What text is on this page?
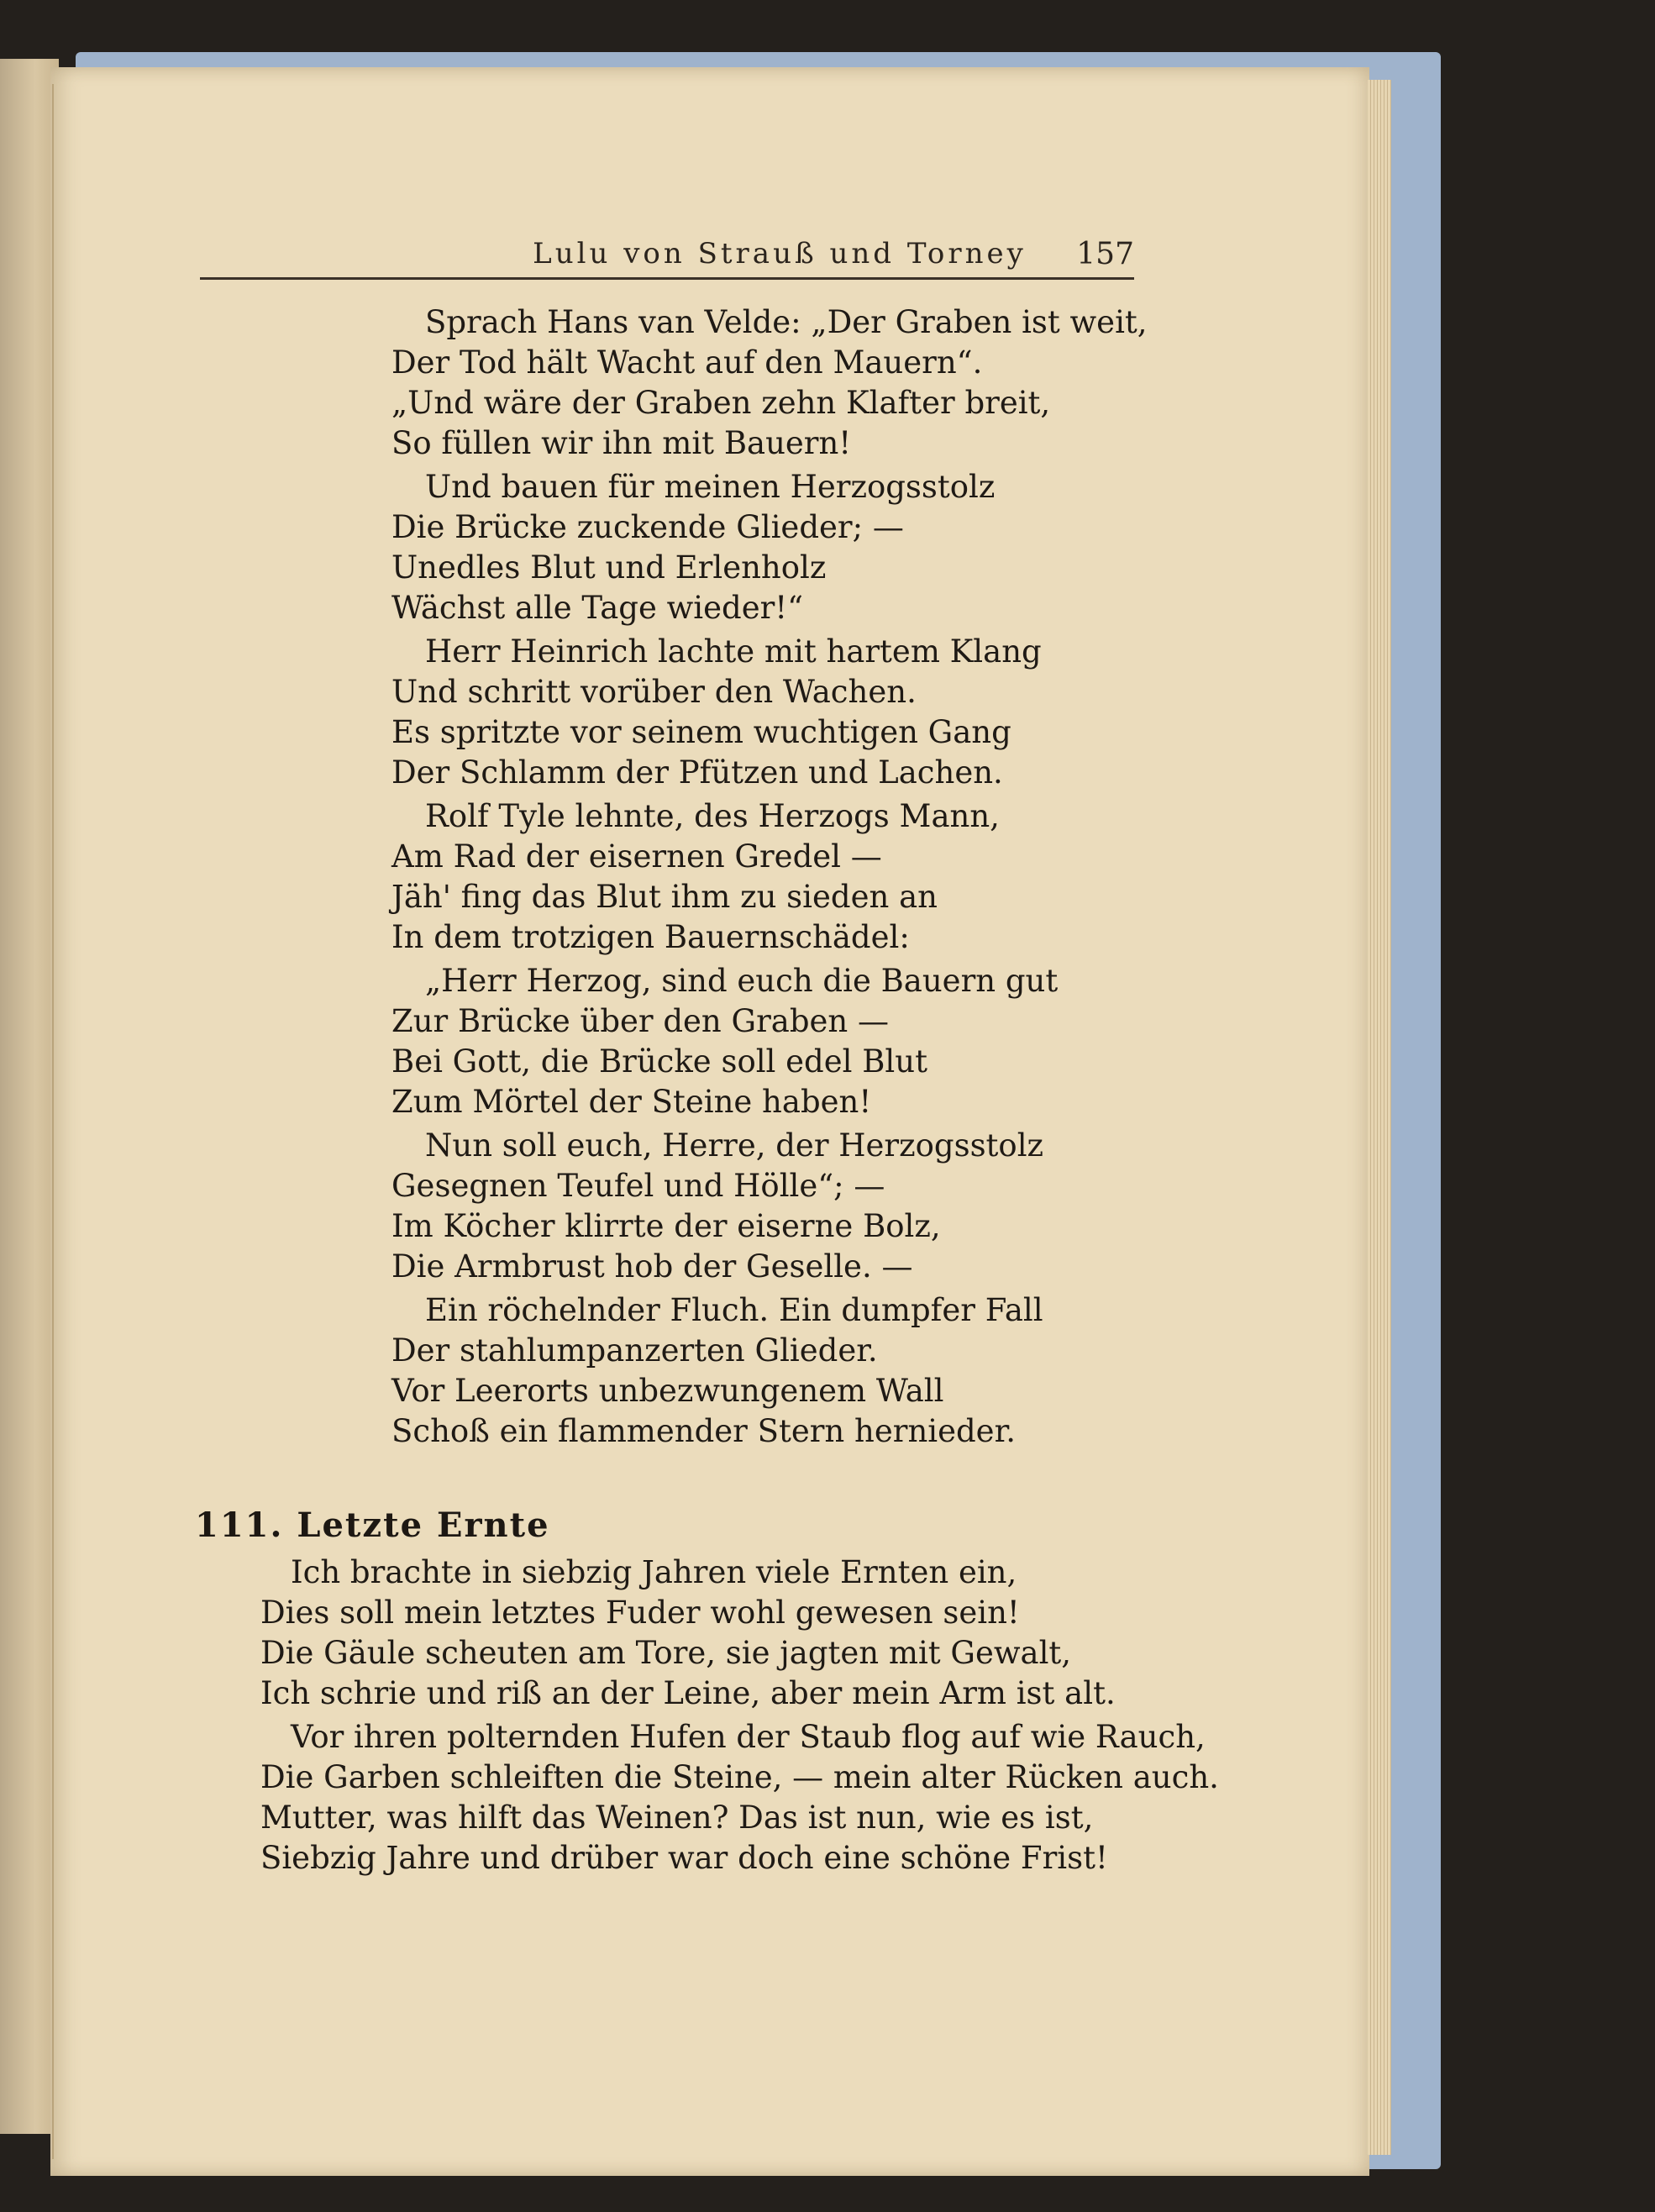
Lulu von Strauß und Torney	157
111. Letzte Ernte
Sprach Hans van Velde: „Der Graben ist weit,
Der Tod hält Wacht auf den Mauern“.
„Und wäre der Graben zehn Klafter breit,
So füllen wir ihn mit Bauern!
Und bauen für meinen Herzogsstolz
Die Brücke zuckende Glieder; —
Unedles Blut und Erlenholz
Wächst alle Tage wieder!“
Herr Heinrich lachte mit hartem Klang
Und schritt vorüber den Wachen.
Es spritzte vor seinem wuchtigen Gang
Der Schlamm der Pfützen und Lachen.
Rolf Tyle lehnte, des Herzogs Mann,
Am Rad der eisernen Gredel —
Jäh' fing das Blut ihm zu sieden an
In dem trotzigen Bauernschädel:
„Herr Herzog, sind euch die Bauern gut
Zur Brücke über den Graben —
Bei Gott, die Brücke soll edel Blut
Zum Mörtel der Steine haben!
Nun soll euch, Herre, der Herzogsstolz
Gesegnen Teufel und Hölle“; —
Im Köcher klirrte der eiserne Bolz,
Die Armbrust hob der Geselle. —
Ein röchelnder Fluch. Ein dumpfer Fall
Der stahlumpanzerten Glieder.
Vor Leerorts unbezwungenem Wall
Schoß ein flammender Stern hernieder.
Ich brachte in siebzig Jahren viele Ernten ein,
Dies soll mein letztes Fuder wohl gewesen sein!
Die Gäule scheuten am Tore, sie jagten mit Gewalt,
Ich schrie und riß an der Leine, aber mein Arm ist alt.
Vor ihren polternden Hufen der Staub flog auf wie Rauch,
Die Garben schleiften die Steine, — mein alter Rücken auch.
Mutter, was hilft das Weinen? Das ist nun, wie es ist,
Siebzig Jahre und drüber war doch eine schöne Frist!
